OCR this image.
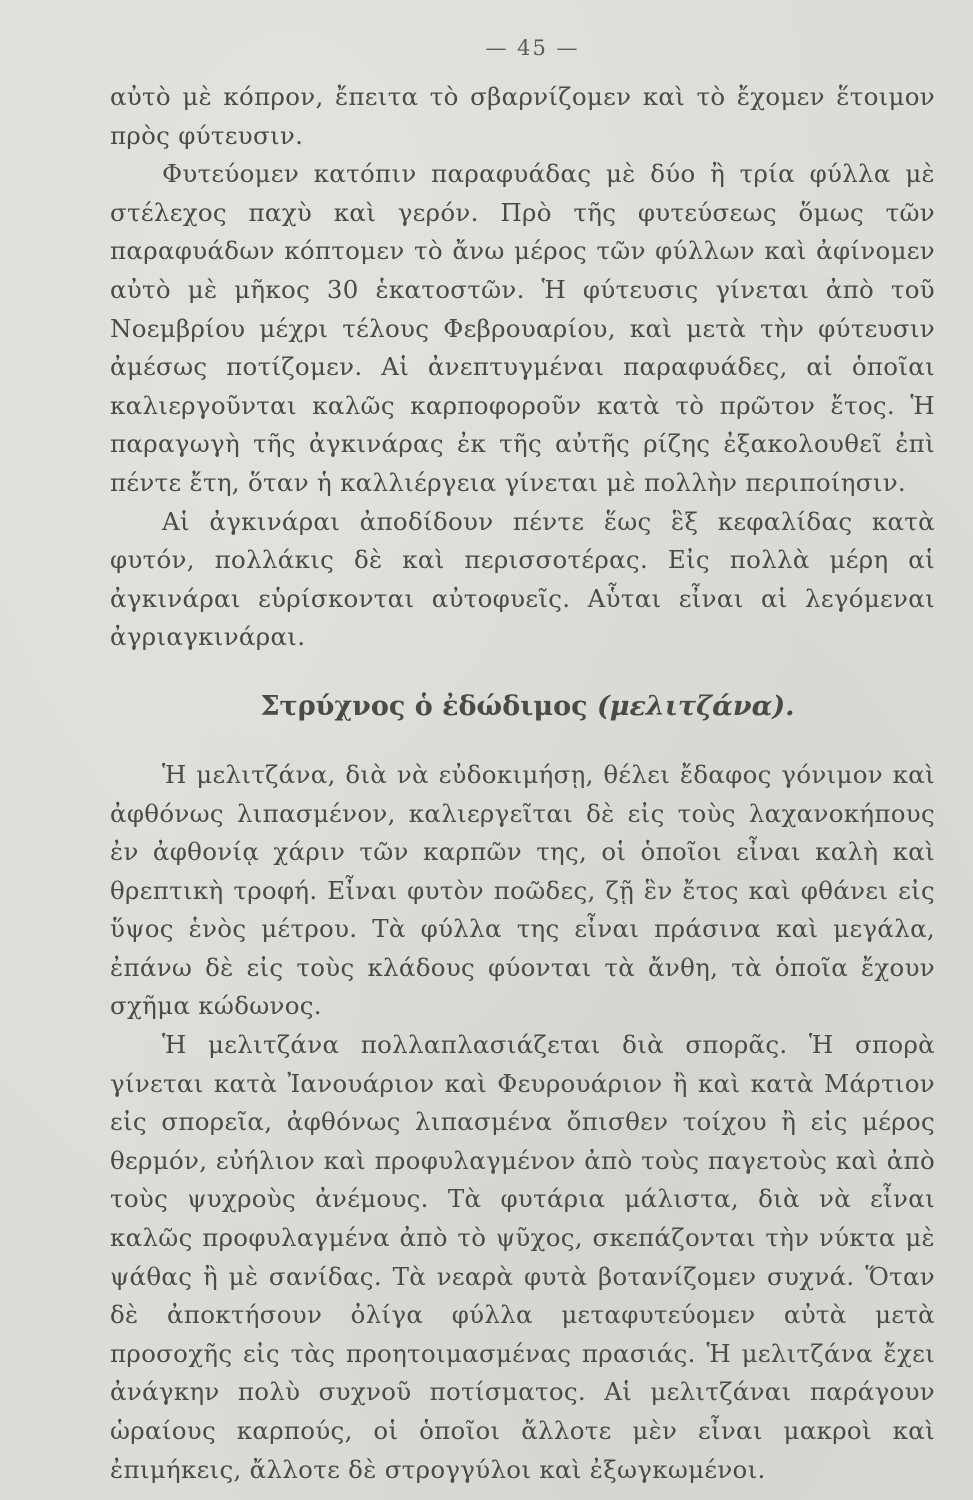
— 45 —

αὐτὸ μὲ κόπρον, ἔπειτα τὸ σβαρνίζομεν καὶ τὸ ἔχομεν ἕτοιμον πρὸς φύτευσιν.

Φυτεύομεν κατόπιν παραφυάδας μὲ δύο ἢ τρία φύλλα μὲ στέλεχος παχὺ καὶ γερόν. Πρὸ τῆς φυτεύσεως ὅμως τῶν παραφυάδων κόπτομεν τὸ ἄνω μέρος τῶν φύλλων καὶ ἀφίνομεν αὐτὸ μὲ μῆκος 30 ἑκατοστῶν. Ἡ φύτευσις γίνεται ἀπὸ τοῦ Νοεμβρίου μέχρι τέλους Φεβρουαρίου, καὶ μετὰ τὴν φύτευσιν ἀμέσως ποτίζομεν. Αἱ ἀνεπτυγμέναι παραφυάδες, αἱ ὁποῖαι καλιεργοῦνται καλῶς καρποφοροῦν κατὰ τὸ πρῶτον ἔτος. Ἡ παραγωγὴ τῆς ἀγκινάρας ἐκ τῆς αὐτῆς ρίζης ἐξακολουθεῖ ἐπὶ πέντε ἔτη, ὅταν ἡ καλλιέργεια γίνεται μὲ πολλὴν περιποίησιν.

Αἱ ἀγκινάραι ἀποδίδουν πέντε ἕως ἓξ κεφαλίδας κατὰ φυτόν, πολλάκις δὲ καὶ περισσοτέρας. Εἰς πολλὰ μέρη αἱ ἀγκινάραι εὑρίσκονται αὐτοφυεῖς. Αὗται εἶναι αἱ λεγόμεναι ἀγριαγκινάραι.

Στρύχνος ὁ ἐδώδιμος (μελιτζάνα).

Ἡ μελιτζάνα, διὰ νὰ εὐδοκιμήσῃ, θέλει ἔδαφος γόνιμον καὶ ἀφθόνως λιπασμένον, καλιεργεῖται δὲ εἰς τοὺς λαχανοκήπους ἐν ἀφθονίᾳ χάριν τῶν καρπῶν της, οἱ ὁποῖοι εἶναι καλὴ καὶ θρεπτικὴ τροφή. Εἶναι φυτὸν ποῶδες, ζῇ ἓν ἔτος καὶ φθάνει εἰς ὕψος ἑνὸς μέτρου. Τὰ φύλλα της εἶναι πράσινα καὶ μεγάλα, ἐπάνω δὲ εἰς τοὺς κλάδους φύονται τὰ ἄνθη, τὰ ὁποῖα ἔχουν σχῆμα κώδωνος.

Ἡ μελιτζάνα πολλαπλασιάζεται διὰ σπορᾶς. Ἡ σπορὰ γίνεται κατὰ Ἰανουάριον καὶ Φευρουάριον ἢ καὶ κατὰ Μάρτιον εἰς σπορεῖα, ἀφθόνως λιπασμένα ὄπισθεν τοίχου ἢ εἰς μέρος θερμόν, εὐήλιον καὶ προφυλαγμένον ἀπὸ τοὺς παγετοὺς καὶ ἀπὸ τοὺς ψυχροὺς ἀνέμους. Τὰ φυτάρια μάλιστα, διὰ νὰ εἶναι καλῶς προφυλαγμένα ἀπὸ τὸ ψῦχος, σκεπάζονται τὴν νύκτα μὲ ψάθας ἢ μὲ σανίδας. Τὰ νεαρὰ φυτὰ βοτανίζομεν συχνά. Ὅταν δὲ ἀποκτήσουν ὀλίγα φύλλα μεταφυτεύομεν αὐτὰ μετὰ προσοχῆς εἰς τὰς προητοιμασμένας πρασιάς. Ἡ μελιτζάνα ἔχει ἀνάγκην πολὺ συχνοῦ ποτίσματος. Αἱ μελιτζάναι παράγουν ὡραίους καρπούς, οἱ ὁποῖοι ἄλλοτε μὲν εἶναι μακροὶ καὶ ἐπιμήκεις, ἄλλοτε δὲ στρογγύλοι καὶ ἐξωγκωμένοι.
